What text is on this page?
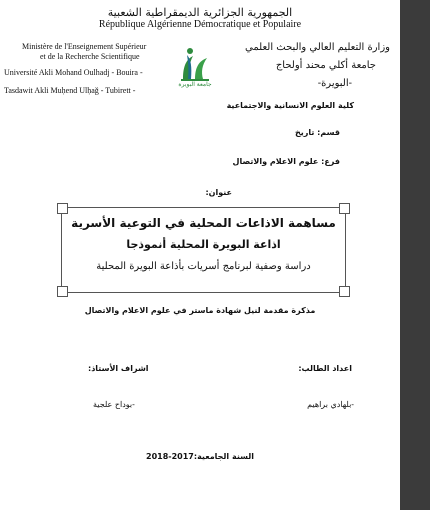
الجمهورية الجزائرية الديمقراطية الشعبية
République Algérienne Démocratique et Populaire
Ministère de l'Enseignement Supérieur
et de la Recherche Scientifique
Université Akli Mohand Oulhadj - Bouira -
Tasdawit Akli Muḥend Ulḥağ - Tubirett -
وزارة التعليم العالي والبحث العلمي
جامعة أكلي محند أولحاج
-البويرة-
جامعة البويرة
كلية العلوم الانسانية والاجتماعية
قسم: تاريخ
فرع: علوم الاعلام والاتصال
عنوان:
مساهمة الاذاعات المحلية في التوعية الأسرية
اذاعة البويرة المحلية أنموذجا
دراسة وصفية لبرنامج أسريات بأذاعة البويرة المحلية
مذكرة مقدمة لنيل شهادة ماستر في علوم الاعلام والاتصال
اعداد الطالب:
-بلهادي براهيم
اشراف الأستاذ:
-بوداح علجية
السنة الجامعية:2017-2018
